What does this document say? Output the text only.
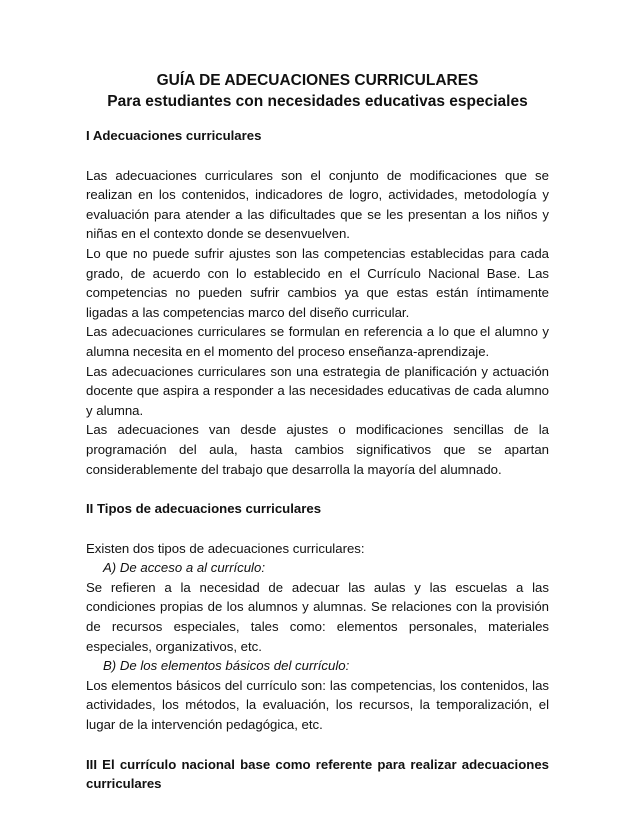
GUÍA DE ADECUACIONES CURRICULARES
Para estudiantes con necesidades educativas especiales
I Adecuaciones curriculares

Las adecuaciones curriculares son el conjunto de modificaciones que se realizan en los contenidos, indicadores de logro, actividades, metodología y evaluación para atender a las dificultades que se les presentan a los niños y niñas en el contexto donde se desenvuelven.

Lo que no puede sufrir ajustes son las competencias establecidas para cada grado, de acuerdo con lo establecido en el Currículo Nacional Base. Las competencias no pueden sufrir cambios ya que estas están íntimamente ligadas a las competencias marco del diseño curricular.

Las adecuaciones curriculares se formulan en referencia a lo que el alumno y alumna necesita en el momento del proceso enseñanza-aprendizaje.

Las adecuaciones curriculares son una estrategia de planificación y actuación docente que aspira a responder a las necesidades educativas de cada alumno y alumna.

Las adecuaciones van desde ajustes o modificaciones sencillas de la programación del aula, hasta cambios significativos que se apartan considerablemente del trabajo que desarrolla la mayoría del alumnado.

II Tipos de adecuaciones curriculares

Existen dos tipos de adecuaciones curriculares:

A) De acceso a al currículo:

Se refieren a la necesidad de adecuar las aulas y las escuelas a las condiciones propias de los alumnos y alumnas. Se relaciones con la provisión de recursos especiales, tales como: elementos personales, materiales especiales, organizativos, etc.

B) De los elementos básicos del currículo:

Los elementos básicos del currículo son: las competencias, los contenidos, las actividades, los métodos, la evaluación, los recursos, la temporalización, el lugar de la intervención pedagógica, etc.

III El currículo nacional base como referente para realizar adecuaciones curriculares
